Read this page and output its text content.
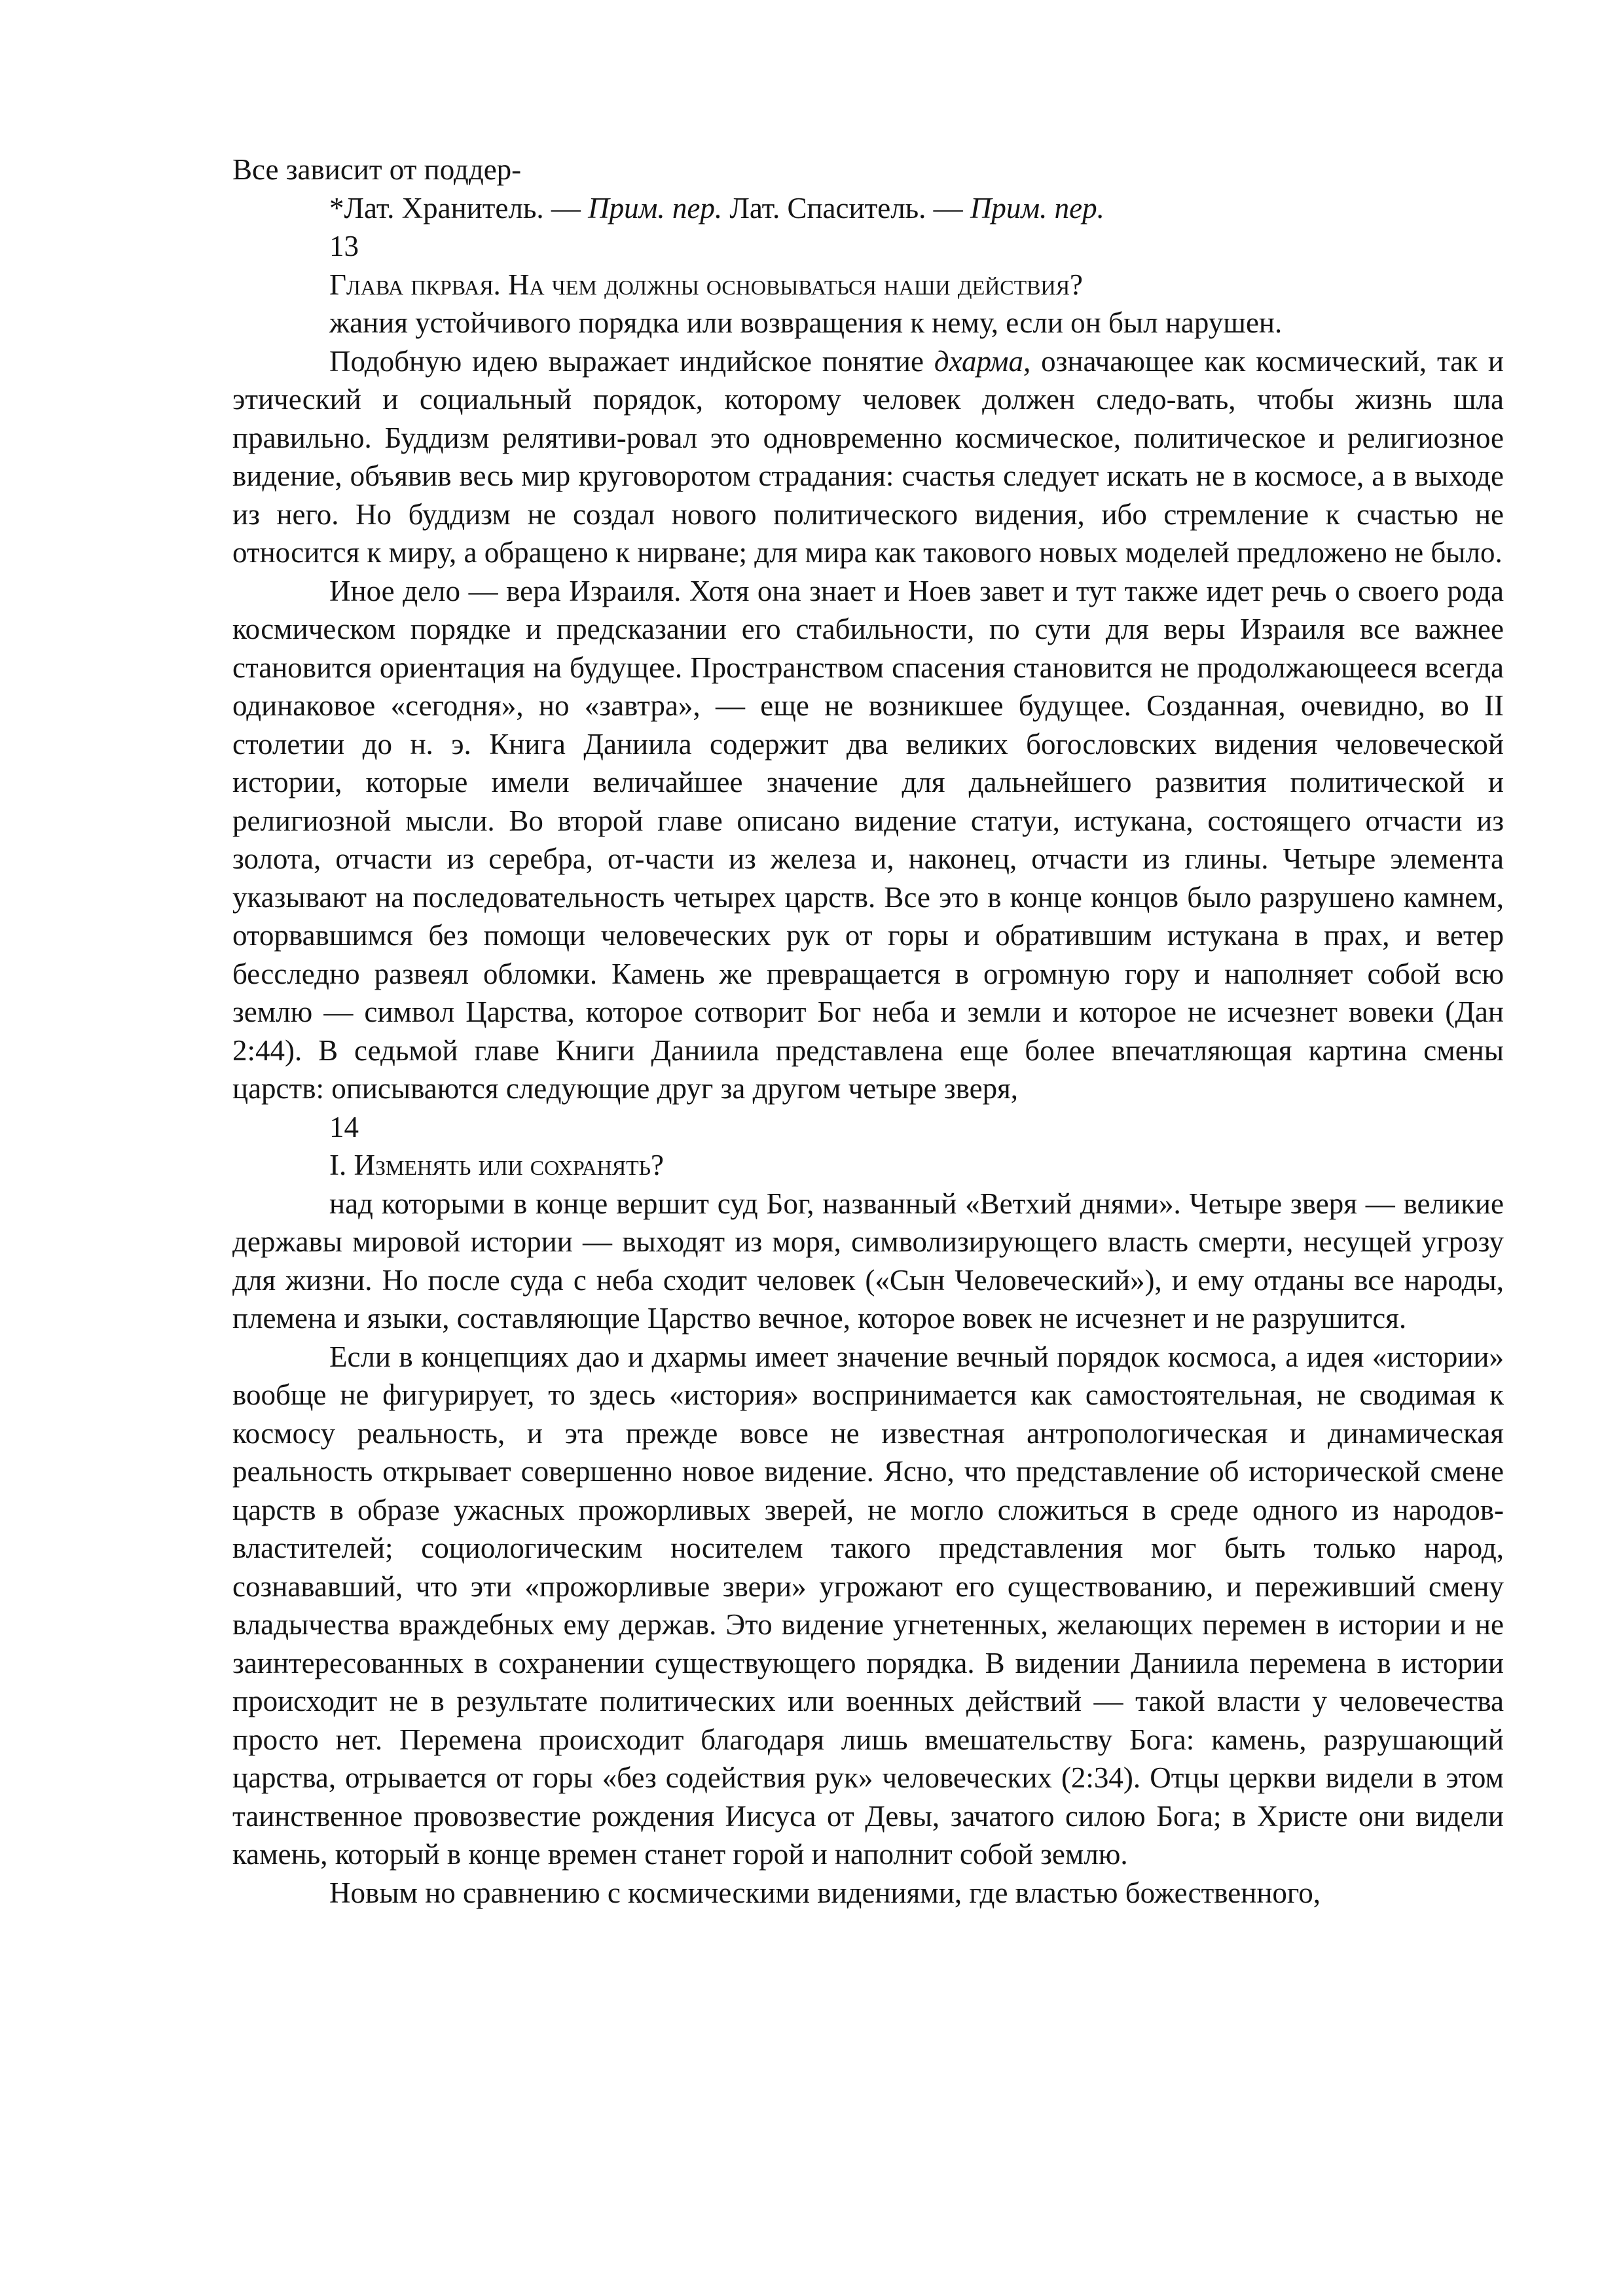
Все зависит от поддер-

*Лат. Хранитель. — Прим. пер. Лат. Спаситель. — Прим. пер.

13

Глава пкрвая. На чем должны основываться наши действия?

жания устойчивого порядка или возвращения к нему, если он был нарушен.

Подобную идею выражает индийское понятие дхарма, означающее как космический, так и этический и социальный порядок, которому человек должен следо-вать, чтобы жизнь шла правильно. Буддизм релятиви-ровал это одновременно космическое, политическое и религиозное видение, объявив весь мир круговоротом страдания: счастья следует искать не в космосе, а в выходе из него. Но буддизм не создал нового политического видения, ибо стремление к счастью не относится к миру, а обращено к нирване; для мира как такового новых моделей предложено не было.

Иное дело — вера Израиля. Хотя она знает и Ноев завет и тут также идет речь о своего рода космическом порядке и предсказании его стабильности, по сути для веры Израиля все важнее становится ориентация на будущее. Пространством спасения становится не продолжающееся всегда одинаковое «сегодня», но «завтра», — еще не возникшее будущее. Созданная, очевидно, во II столетии до н. э. Книга Даниила содержит два великих богословских видения человеческой истории, которые имели величайшее значение для дальнейшего развития политической и религиозной мысли. Во второй главе описано видение статуи, истукана, состоящего отчасти из золота, отчасти из серебра, от-части из железа и, наконец, отчасти из глины. Четыре элемента указывают на последовательность четырех царств. Все это в конце концов было разрушено камнем, оторвавшимся без помощи человеческих рук от горы и обратившим истукана в прах, и ветер бесследно развеял обломки. Камень же превращается в огромную гору и наполняет собой всю землю — символ Царства, которое сотворит Бог неба и земли и которое не исчезнет вовеки (Дан 2:44). В седьмой главе Книги Даниила представлена еще более впечатляющая картина смены царств: описываются следующие друг за другом четыре зверя,

14

I. Изменять или сохранять?

над которыми в конце вершит суд Бог, названный «Ветхий днями». Четыре зверя — великие державы мировой истории — выходят из моря, символизирующего власть смерти, несущей угрозу для жизни. Но после суда с неба сходит человек («Сын Человеческий»), и ему отданы все народы, племена и языки, составляющие Царство вечное, которое вовек не исчезнет и не разрушится.

Если в концепциях дао и дхармы имеет значение вечный порядок космоса, а идея «истории» вообще не фигурирует, то здесь «история» воспринимается как самостоятельная, не сводимая к космосу реальность, и эта прежде вовсе не известная антропологическая и динамическая реальность открывает совершенно новое видение. Ясно, что представление об исторической смене царств в образе ужасных прожорливых зверей, не могло сложиться в среде одного из народов-властителей; социологическим носителем такого представления мог быть только народ, сознававший, что эти «прожорливые звери» угрожают его существованию, и переживший смену владычества враждебных ему держав. Это видение угнетенных, желающих перемен в истории и не заинтересованных в сохранении существующего порядка. В видении Даниила перемена в истории происходит не в результате политических или военных действий — такой власти у человечества просто нет. Перемена происходит благодаря лишь вмешательству Бога: камень, разрушающий царства, отрывается от горы «без содействия рук» человеческих (2:34). Отцы церкви видели в этом таинственное провозвестие рождения Иисуса от Девы, зачатого силою Бога; в Христе они видели камень, который в конце времен станет горой и наполнит собой землю.

Новым но сравнению с космическими видениями, где властью божественного,
